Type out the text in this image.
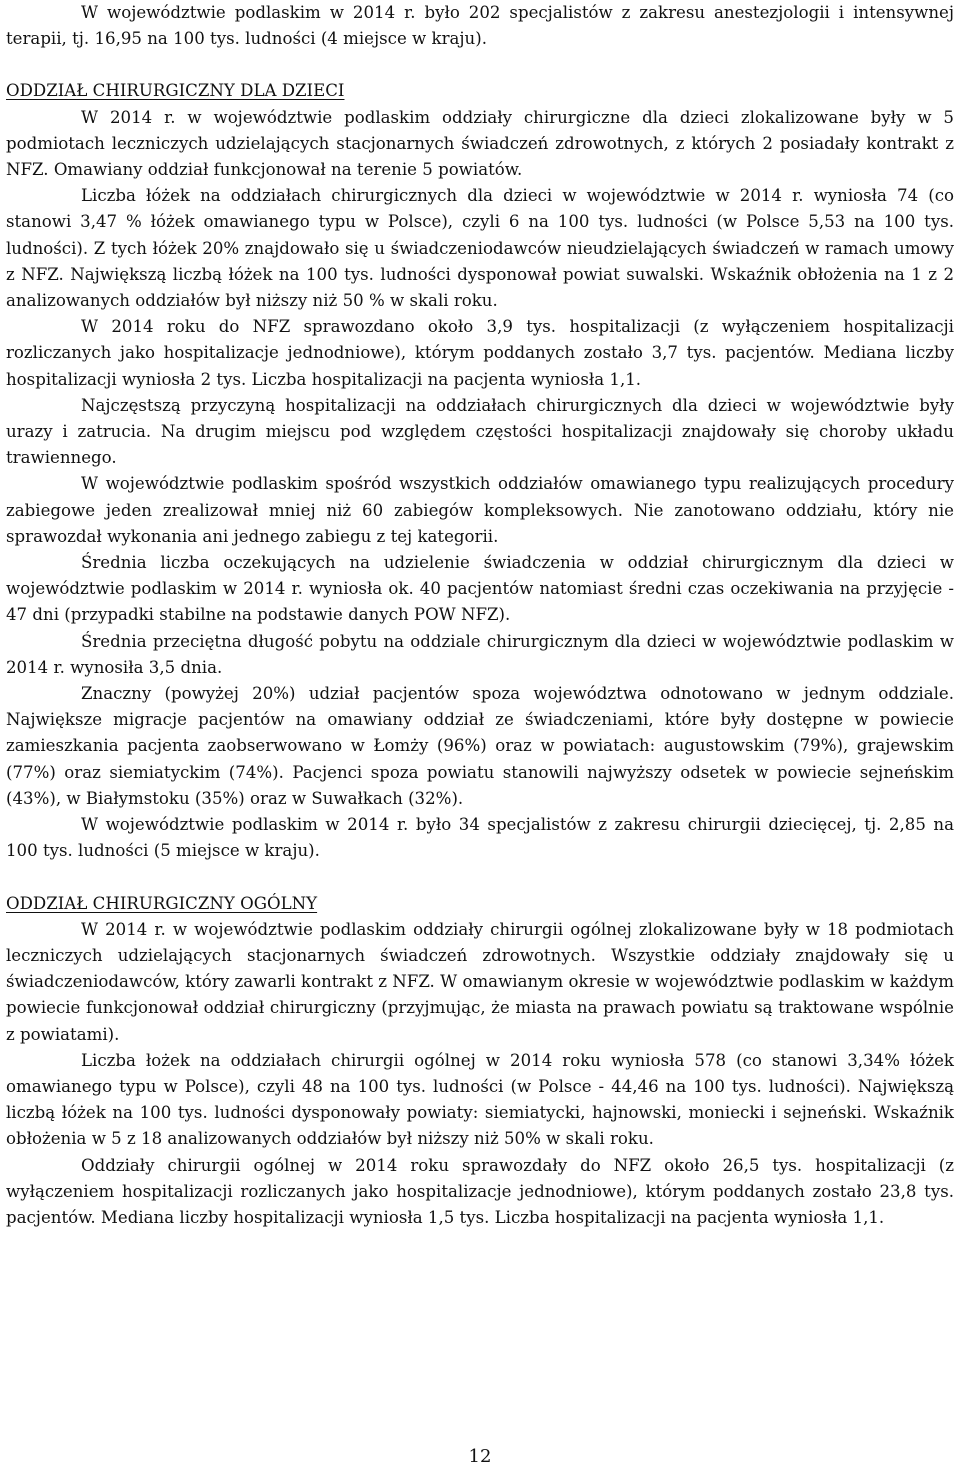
W województwie podlaskim w 2014 r. było 202 specjalistów z zakresu anestezjologii i intensywnej terapii, tj. 16,95 na 100 tys. ludności (4 miejsce w kraju).

ODDZIAŁ CHIRURGICZNY DLA DZIECI

W 2014 r. w województwie podlaskim oddziały chirurgiczne dla dzieci zlokalizowane były w 5 podmiotach leczniczych udzielających stacjonarnych świadczeń zdrowotnych, z których 2 posiadały kontrakt z NFZ. Omawiany oddział funkcjonował na terenie 5 powiatów.

Liczba łóżek na oddziałach chirurgicznych dla dzieci w województwie w 2014 r. wyniosła 74 (co stanowi 3,47 % łóżek omawianego typu w Polsce), czyli 6 na 100 tys. ludności (w Polsce 5,53 na 100 tys. ludności). Z tych łóżek 20% znajdowało się u świadczeniodawców nieudzielających świadczeń w ramach umowy z NFZ. Największą liczbą łóżek na 100 tys. ludności dysponował powiat suwalski. Wskaźnik obłożenia na 1 z 2 analizowanych oddziałów był niższy niż 50 % w skali roku.

W 2014 roku do NFZ sprawozdano około 3,9 tys. hospitalizacji (z wyłączeniem hospitalizacji rozliczanych jako hospitalizacje jednodniowe), którym poddanych zostało 3,7 tys. pacjentów. Mediana liczby hospitalizacji wyniosła 2 tys. Liczba hospitalizacji na pacjenta wyniosła 1,1.

Najczęstszą przyczyną hospitalizacji na oddziałach chirurgicznych dla dzieci w województwie były urazy i zatrucia. Na drugim miejscu pod względem częstości hospitalizacji znajdowały się choroby układu trawiennego.

W województwie podlaskim spośród wszystkich oddziałów omawianego typu realizujących procedury zabiegowe jeden zrealizował mniej niż 60 zabiegów kompleksowych. Nie zanotowano oddziału, który nie sprawozdał wykonania ani jednego zabiegu z tej kategorii.

Średnia liczba oczekujących na udzielenie świadczenia w oddział chirurgicznym dla dzieci w województwie podlaskim w 2014 r. wyniosła ok. 40 pacjentów natomiast średni czas oczekiwania na przyjęcie - 47 dni (przypadki stabilne na podstawie danych POW NFZ).

Średnia przeciętna długość pobytu na oddziale chirurgicznym dla dzieci w województwie podlaskim w 2014 r. wynosiła 3,5 dnia.

Znaczny (powyżej 20%) udział pacjentów spoza województwa odnotowano w jednym oddziale. Największe migracje pacjentów na omawiany oddział ze świadczeniami, które były dostępne w powiecie zamieszkania pacjenta zaobserwowano w Łomży (96%) oraz w powiatach: augustowskim (79%), grajewskim (77%) oraz siemiatyckim (74%). Pacjenci spoza powiatu stanowili najwyższy odsetek w powiecie sejneńskim (43%), w Białymstoku (35%) oraz w Suwałkach (32%).

W województwie podlaskim w 2014 r. było 34 specjalistów z zakresu chirurgii dziecięcej, tj. 2,85 na 100 tys. ludności (5 miejsce w kraju).

ODDZIAŁ CHIRURGICZNY OGÓLNY

W 2014 r. w województwie podlaskim oddziały chirurgii ogólnej zlokalizowane były w 18 podmiotach leczniczych udzielających stacjonarnych świadczeń zdrowotnych. Wszystkie oddziały znajdowały się u świadczeniodawców, który zawarli kontrakt z NFZ. W omawianym okresie w województwie podlaskim w każdym powiecie funkcjonował oddział chirurgiczny (przyjmując, że miasta na prawach powiatu są traktowane wspólnie z powiatami).

Liczba łożek na oddziałach chirurgii ogólnej w 2014 roku wyniosła 578 (co stanowi 3,34% łóżek omawianego typu w Polsce), czyli 48 na 100 tys. ludności (w Polsce - 44,46 na 100 tys. ludności). Największą liczbą łóżek na 100 tys. ludności dysponowały powiaty: siemiatycki, hajnowski, moniecki i sejneński. Wskaźnik obłożenia w 5 z 18 analizowanych oddziałów był niższy niż 50% w skali roku.

Oddziały chirurgii ogólnej w 2014 roku sprawozdały do NFZ około 26,5 tys. hospitalizacji (z wyłączeniem hospitalizacji rozliczanych jako hospitalizacje jednodniowe), którym poddanych zostało 23,8 tys. pacjentów. Mediana liczby hospitalizacji wyniosła 1,5 tys. Liczba hospitalizacji na pacjenta wyniosła 1,1.

12
